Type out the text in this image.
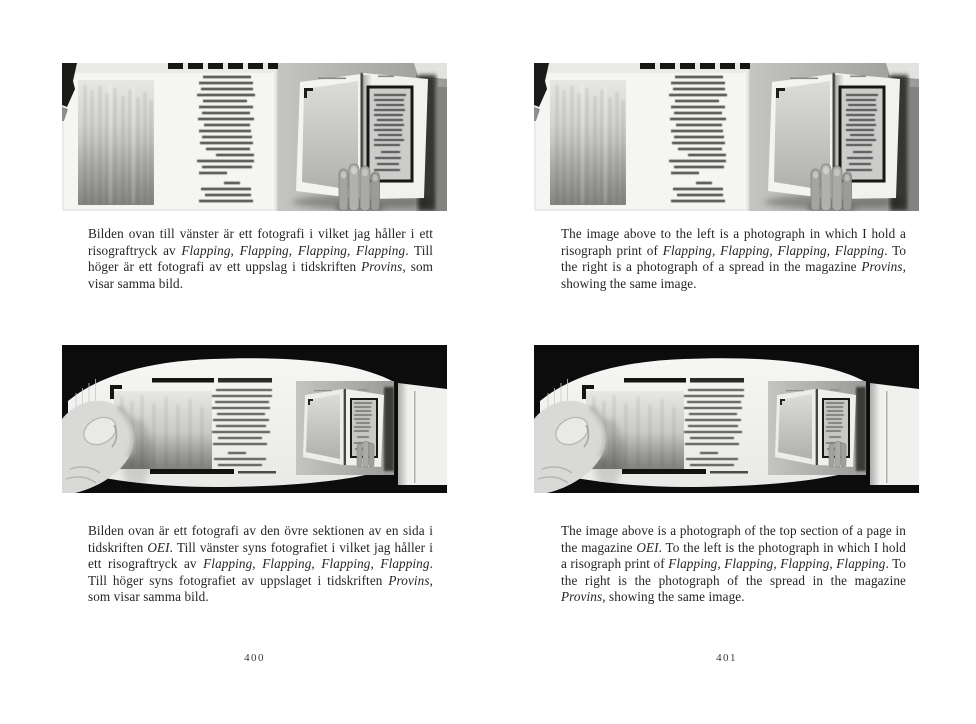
Bilden ovan till vänster är ett fotografi i vilket jag håller i ett risograftryck av Flapping, Flapping, Flapping, Flapping. Till höger är ett fotografi av ett uppslag i tidskriften Provins, som visar samma bild.

Bilden ovan är ett fotografi av den övre sektionen av en sida i tidskriften OEI. Till vänster syns fotografiet i vilket jag håller i ett risograftryck av Flapping, Flapping, Flapping, Flapping. Till höger syns fotografiet av uppslaget i tidskriften Provins, som visar samma bild.

400

The image above to the left is a photograph in which I hold a risograph print of Flapping, Flapping, Flapping, Flapping. To the right is a photograph of a spread in the magazine Provins, showing the same image.

The image above is a photograph of the top section of a page in the magazine OEI. To the left is the photograph in which I hold a risograph print of Flapping, Flapping, Flapping, Flapping. To the right is the photograph of the spread in the magazine Provins, showing the same image.

401
